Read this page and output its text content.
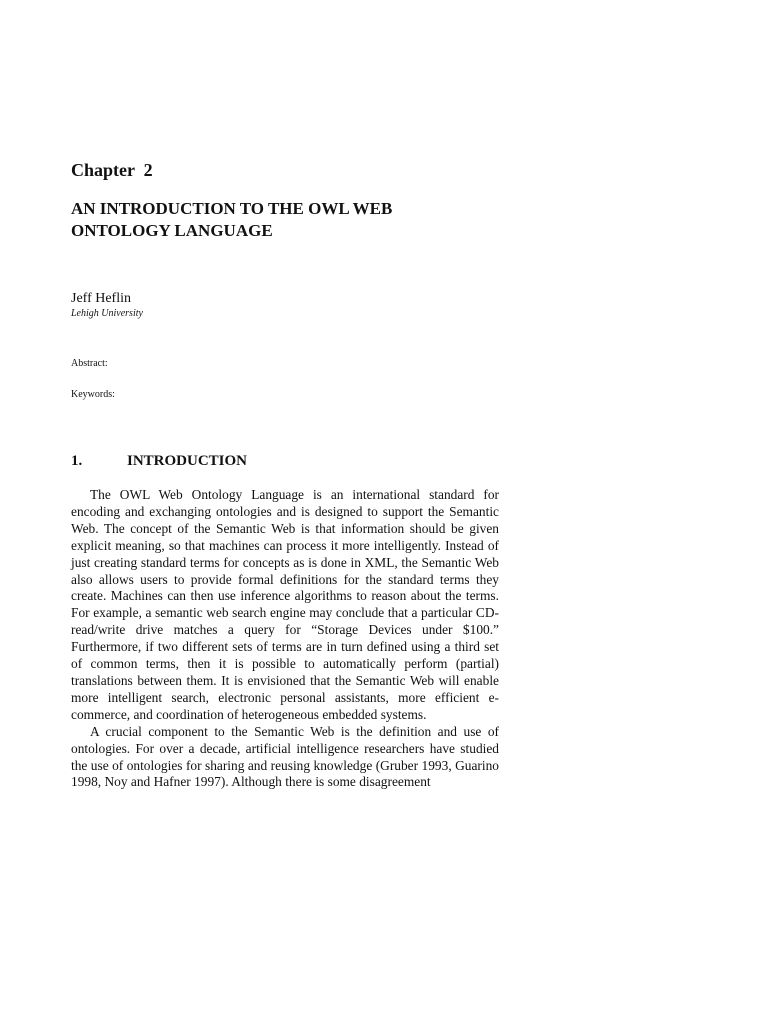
Chapter  2
AN INTRODUCTION TO THE OWL WEB
ONTOLOGY LANGUAGE

Jeff Heflin

Lehigh University

Abstract:

Keywords:

1.	INTRODUCTION

The OWL Web Ontology Language is an international standard for encoding and exchanging ontologies and is designed to support the Semantic Web. The concept of the Semantic Web is that information should be given explicit meaning, so that machines can process it more intelligently. Instead of just creating standard terms for concepts as is done in XML, the Semantic Web also allows users to provide formal definitions for the standard terms they create. Machines can then use inference algorithms to reason about the terms. For example, a semantic web search engine may conclude that a particular CD-read/write drive matches a query for “Storage Devices under $100.” Furthermore, if two different sets of terms are in turn defined using a third set of common terms, then it is possible to automatically perform (partial) translations between them. It is envisioned that the Semantic Web will enable more intelligent search, electronic personal assistants, more efficient e-commerce, and coordination of heterogeneous embedded systems.

A crucial component to the Semantic Web is the definition and use of ontologies. For over a decade, artificial intelligence researchers have studied the use of ontologies for sharing and reusing knowledge (Gruber 1993, Guarino 1998, Noy and Hafner 1997). Although there is some disagreement
